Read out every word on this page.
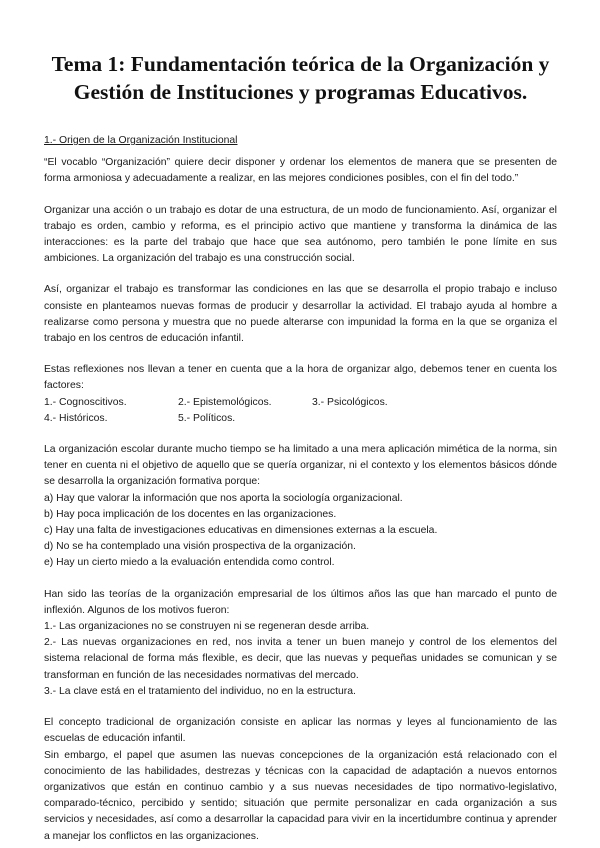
Tema 1: Fundamentación teórica de la Organización y
Gestión de Instituciones y programas Educativos.
1.- Origen de la Organización Institucional

“El vocablo “Organización” quiere decir disponer y ordenar los elementos de manera que se presenten de forma armoniosa y adecuadamente a realizar, en las mejores condiciones posibles, con el fin del todo.”

Organizar una acción o un trabajo es dotar de una estructura, de un modo de funcionamiento. Así, organizar el trabajo es orden, cambio y reforma, es el principio activo que mantiene y transforma la dinámica de las interacciones: es la parte del trabajo que hace que sea autónomo, pero también le pone límite en sus ambiciones. La organización del trabajo es una construcción social.

Así, organizar el trabajo es transformar las condiciones en las que se desarrolla el propio trabajo e incluso consiste en planteamos nuevas formas de producir y desarrollar la actividad. El trabajo ayuda al hombre a realizarse como persona y muestra que no puede alterarse con impunidad la forma en la que se organiza el trabajo en los centros de educación infantil.

Estas reflexiones nos llevan a tener en cuenta que a la hora de organizar algo, debemos tener en cuenta los factores:

1.- Cognoscitivos.	2.- Epistemológicos.	3.- Psicológicos.
4.- Históricos.	5.- Políticos.

La organización escolar durante mucho tiempo se ha limitado a una mera aplicación mimética de la norma, sin tener en cuenta ni el objetivo de aquello que se quería organizar, ni el contexto y los elementos básicos dónde se desarrolla la organización formativa porque:

a) Hay que valorar la información que nos aporta la sociología organizacional.
b) Hay poca implicación de los docentes en las organizaciones.
c) Hay una falta de investigaciones educativas en dimensiones externas a la escuela.
d) No se ha contemplado una visión prospectiva de la organización.
e) Hay un cierto miedo a la evaluación entendida como control.

Han sido las teorías de la organización empresarial de los últimos años las que han marcado el punto de inflexión. Algunos de los motivos fueron:

1.- Las organizaciones no se construyen ni se regeneran desde arriba.

2.- Las nuevas organizaciones en red, nos invita a tener un buen manejo y control de los elementos del sistema relacional de forma más flexible, es decir, que las nuevas y pequeñas unidades se comunican y se transforman en función de las necesidades normativas del mercado.

3.- La clave está en el tratamiento del individuo, no en la estructura.

El concepto tradicional de organización consiste en aplicar las normas y leyes al funcionamiento de las escuelas de educación infantil.

Sin embargo, el papel que asumen las nuevas concepciones de la organización está relacionado con el conocimiento de las habilidades, destrezas y técnicas con la capacidad de adaptación a nuevos entornos organizativos que están en continuo cambio y a sus nuevas necesidades de tipo normativo-legislativo, comparado-técnico, percibido y sentido; situación que permite personalizar en cada organización a sus servicios y necesidades, así como a desarrollar la capacidad para vivir en la incertidumbre continua y aprender a manejar los conflictos en las organizaciones.
